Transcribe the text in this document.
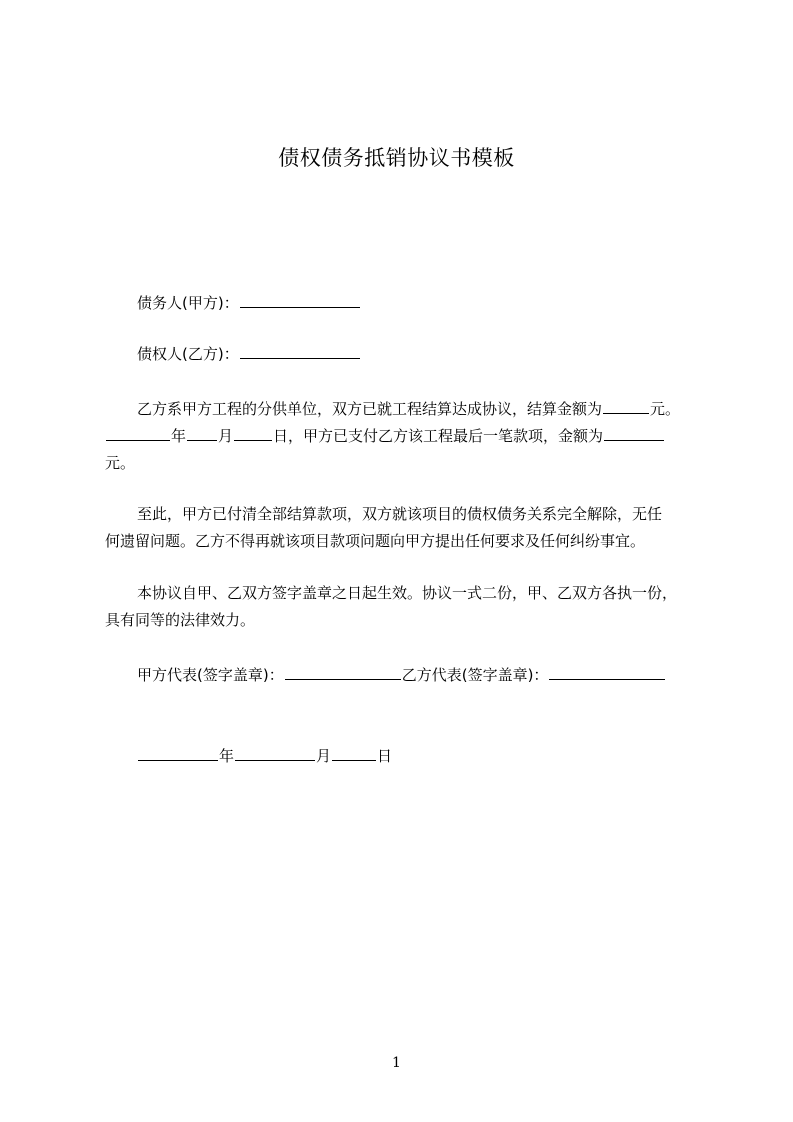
债权债务抵销协议书模板
债务人(甲方)：
债权人(乙方)：
乙方系甲方工程的分供单位，双方已就工程结算达成协议，结算金额为	元。
年 月	日，甲方已支付乙方该工程最后一笔款项，金额为
元。
至此，甲方已付清全部结算款项，双方就该项目的债权债务关系完全解除，无任
何遗留问题。乙方不得再就该项目款项问题向甲方提出任何要求及任何纠纷事宜。
本协议自甲、乙双方签字盖章之日起生效。协议一式二份，甲、乙双方各执一份，
具有同等的法律效力。
甲方代表(签字盖章)：	乙方代表(签字盖章)：
年	月	日
1
